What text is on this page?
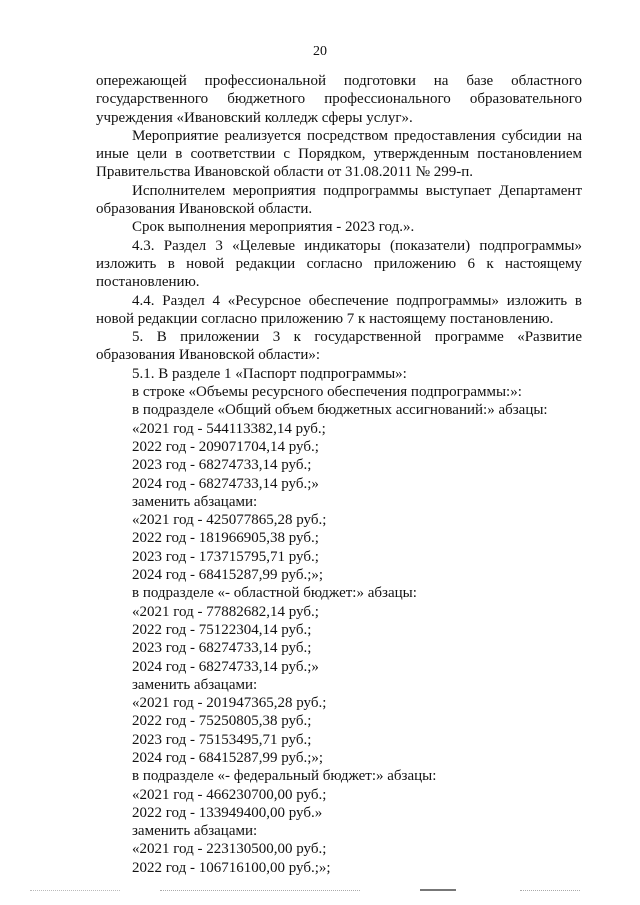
20

опережающей профессиональной подготовки на базе областного

государственного бюджетного профессионального образовательного

учреждения «Ивановский колледж сферы услуг».

Мероприятие реализуется посредством предоставления субсидии на

иные цели в соответствии с Порядком, утвержденным постановлением

Правительства Ивановской области от 31.08.2011 № 299-п.

Исполнителем мероприятия подпрограммы выступает Департамент

образования Ивановской области.

Срок выполнения мероприятия - 2023 год.».

4.3. Раздел 3 «Целевые индикаторы (показатели) подпрограммы»

изложить в новой редакции согласно приложению 6 к настоящему

постановлению.

4.4. Раздел 4 «Ресурсное обеспечение подпрограммы» изложить в

новой редакции согласно приложению 7 к настоящему постановлению.

5. В приложении 3 к государственной программе «Развитие

образования Ивановской области»:

5.1. В разделе 1 «Паспорт подпрограммы»:

в строке «Объемы ресурсного обеспечения подпрограммы:»:

в подразделе «Общий объем бюджетных ассигнований:» абзацы:

«2021 год - 544113382,14 руб.;

2022 год - 209071704,14 руб.;

2023 год - 68274733,14 руб.;

2024 год - 68274733,14 руб.;»

заменить абзацами:

«2021 год - 425077865,28 руб.;

2022 год - 181966905,38 руб.;

2023 год - 173715795,71 руб.;

2024 год - 68415287,99 руб.;»;

в подразделе «- областной бюджет:» абзацы:

«2021 год - 77882682,14 руб.;

2022 год - 75122304,14 руб.;

2023 год - 68274733,14 руб.;

2024 год - 68274733,14 руб.;»

заменить абзацами:

«2021 год - 201947365,28 руб.;

2022 год - 75250805,38 руб.;

2023 год - 75153495,71 руб.;

2024 год - 68415287,99 руб.;»;

в подразделе «- федеральный бюджет:» абзацы:

«2021 год - 466230700,00 руб.;

2022 год - 133949400,00 руб.»

заменить абзацами:

«2021 год - 223130500,00 руб.;

2022 год - 106716100,00 руб.;»;
